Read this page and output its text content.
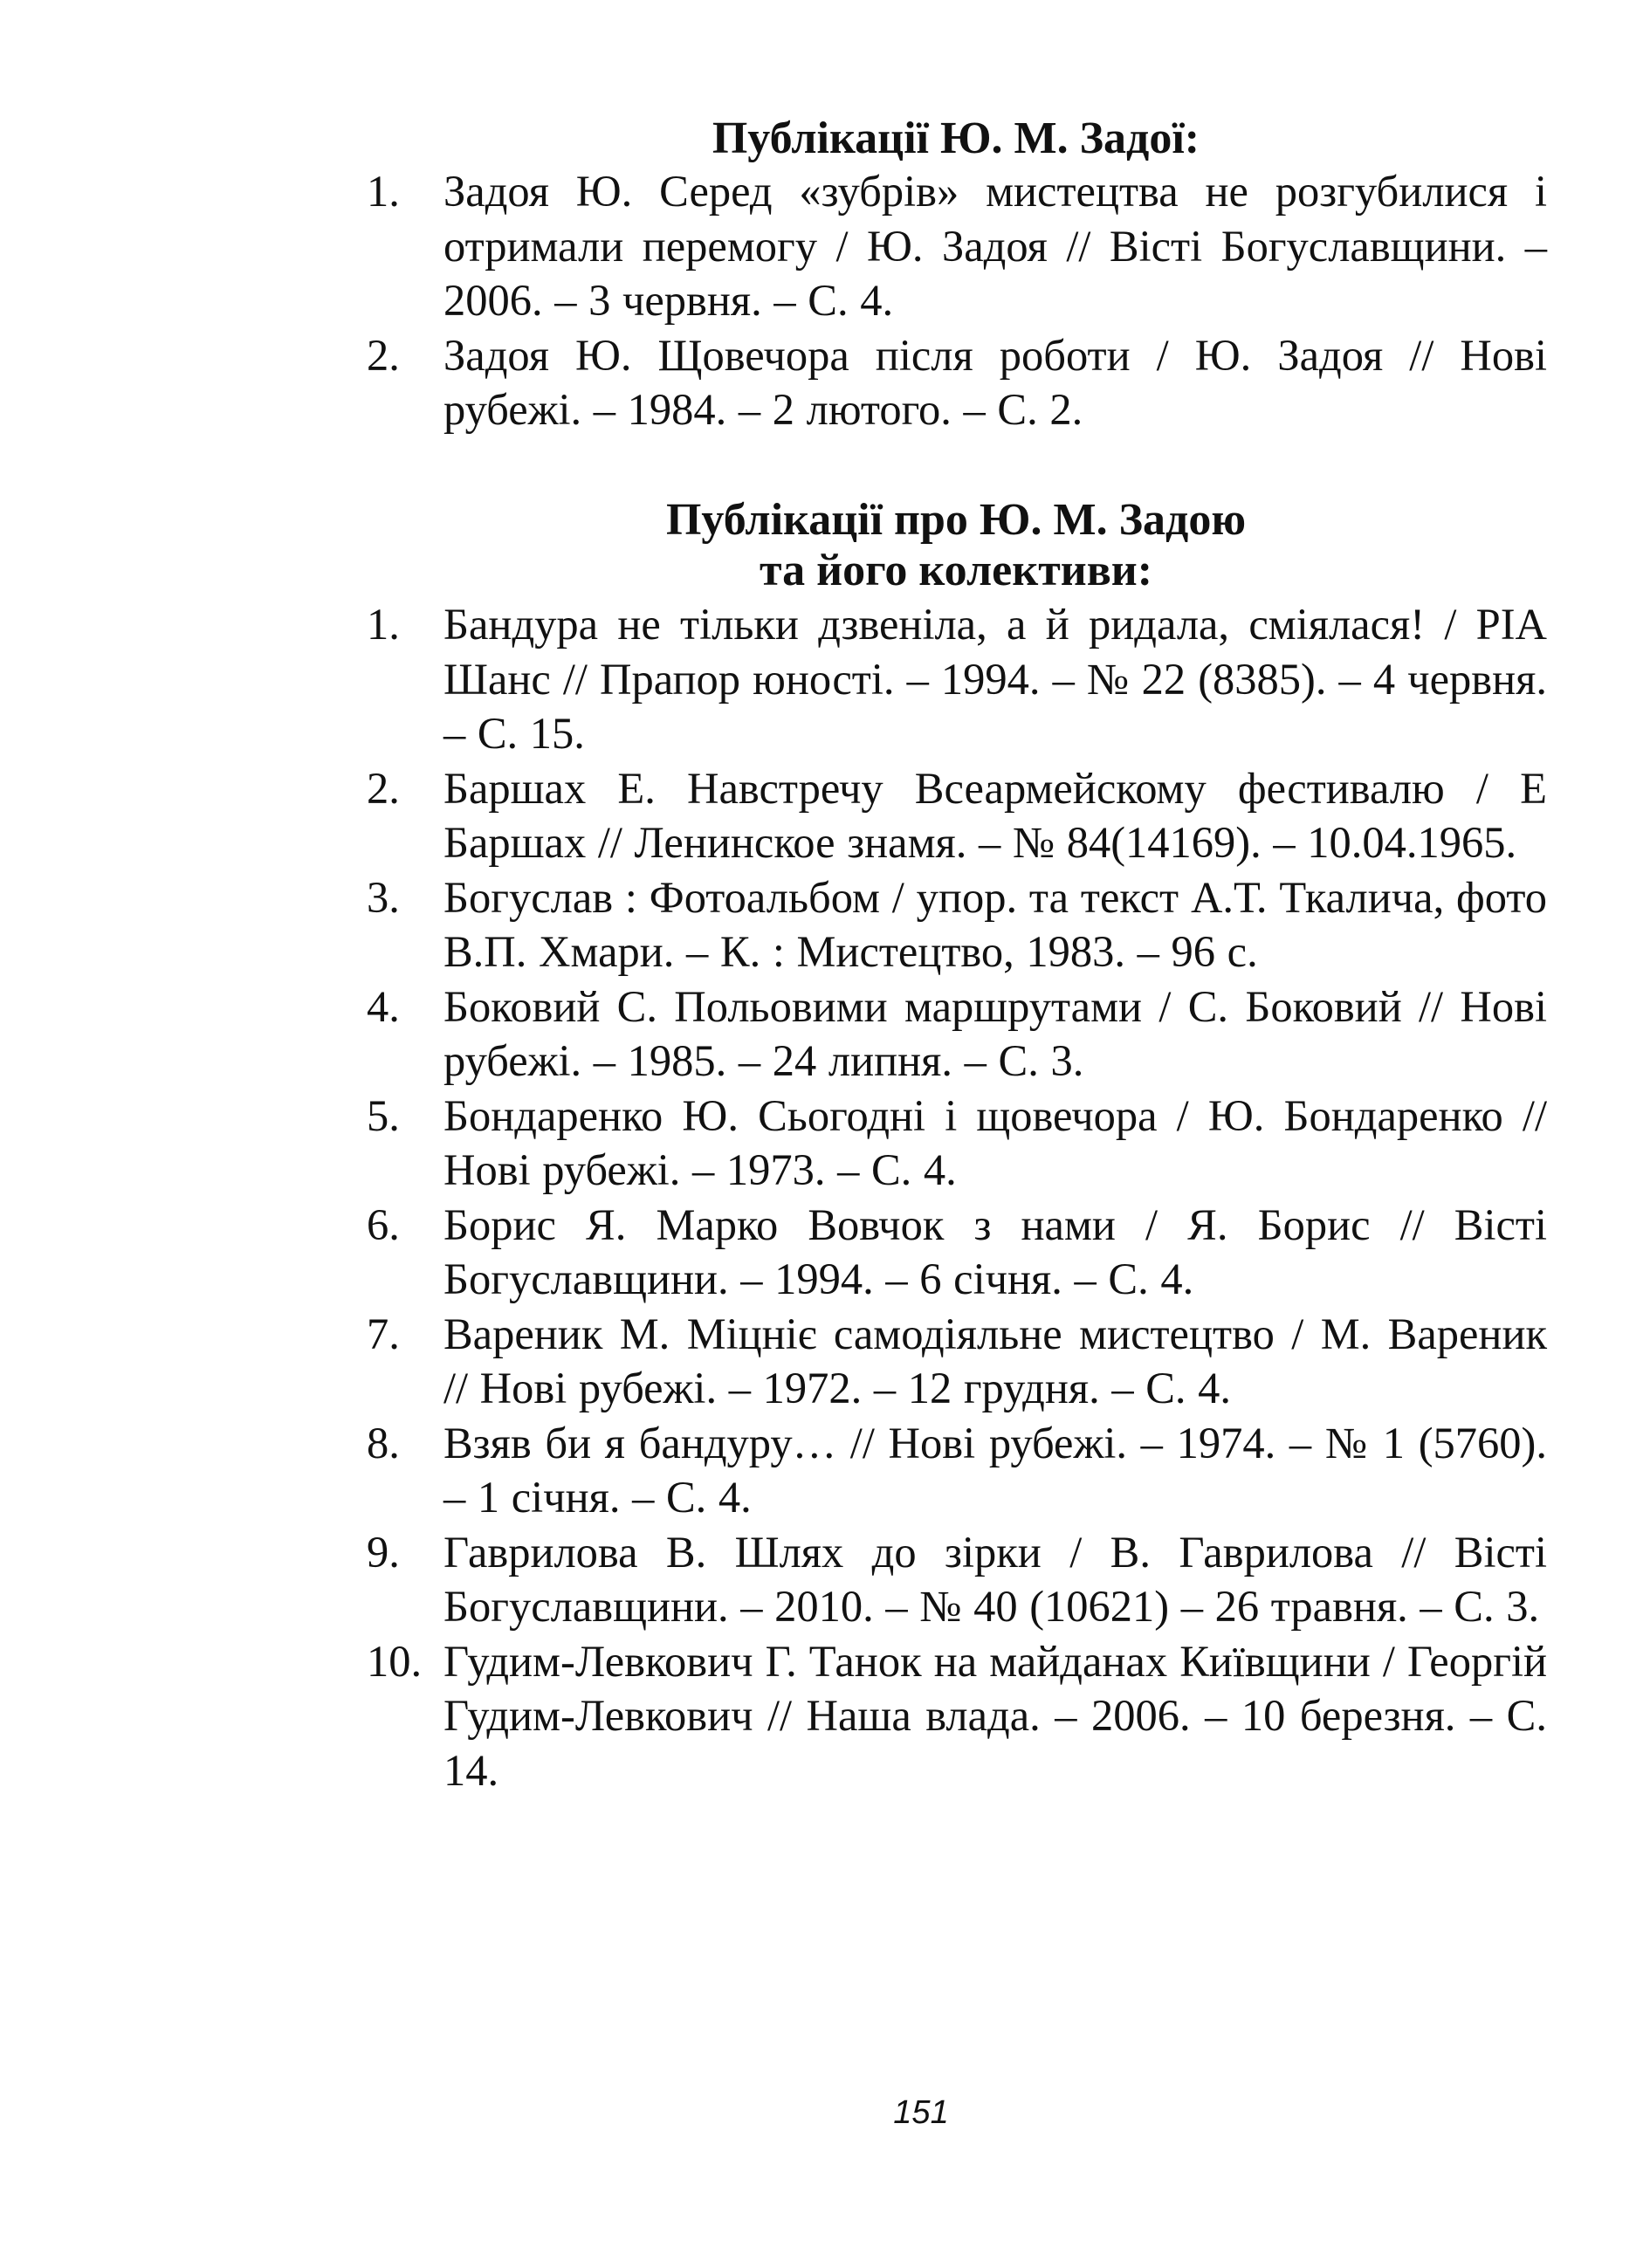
Публікації Ю. М. Задої:
1. Задоя Ю. Серед «зубрів» мистецтва не розгубилися і отримали перемогу / Ю. Задоя // Вісті Богуславщини. – 2006. – 3 червня. – С. 4.
2. Задоя Ю. Щовечора після роботи / Ю. Задоя // Нові рубежі. – 1984. – 2 лютого. – С. 2.
Публікації про Ю. М. Задою
та його колективи:
1. Бандура не тільки дзвеніла, а й ридала, сміялася! / РІА Шанс // Прапор юності. – 1994. – № 22 (8385). – 4 червня. – С. 15.
2. Баршах Е. Навстречу Всеармейскому фестивалю / Е Баршах // Ленинское знамя. – № 84(14169). – 10.04.1965.
3. Богуслав : Фотоальбом / упор. та текст А.Т. Ткалича, фото В.П. Хмари. – К. : Мистецтво, 1983. – 96 с.
4. Боковий С. Польовими маршрутами / С. Боковий // Нові рубежі. – 1985. – 24 липня. – С. 3.
5. Бондаренко Ю. Сьогодні і щовечора / Ю. Бондаренко // Нові рубежі. – 1973. – С. 4.
6. Борис Я. Марко Вовчок з нами / Я. Борис // Вісті Богуславщини. – 1994. – 6 січня. – С. 4.
7. Вареник М. Міцніє самодіяльне мистецтво / М. Вареник // Нові рубежі. – 1972. – 12 грудня. – С. 4.
8. Взяв би я бандуру… // Нові рубежі. – 1974. – № 1 (5760). – 1 січня. – С. 4.
9. Гаврилова В. Шлях до зірки / В. Гаврилова // Вісті Богуславщини. – 2010. – № 40 (10621) – 26 травня. – С. 3.
10. Гудим-Левкович Г. Танок на майданах Київщини / Георгій Гудим-Левкович // Наша влада. – 2006. – 10 березня. – С. 14.

151
